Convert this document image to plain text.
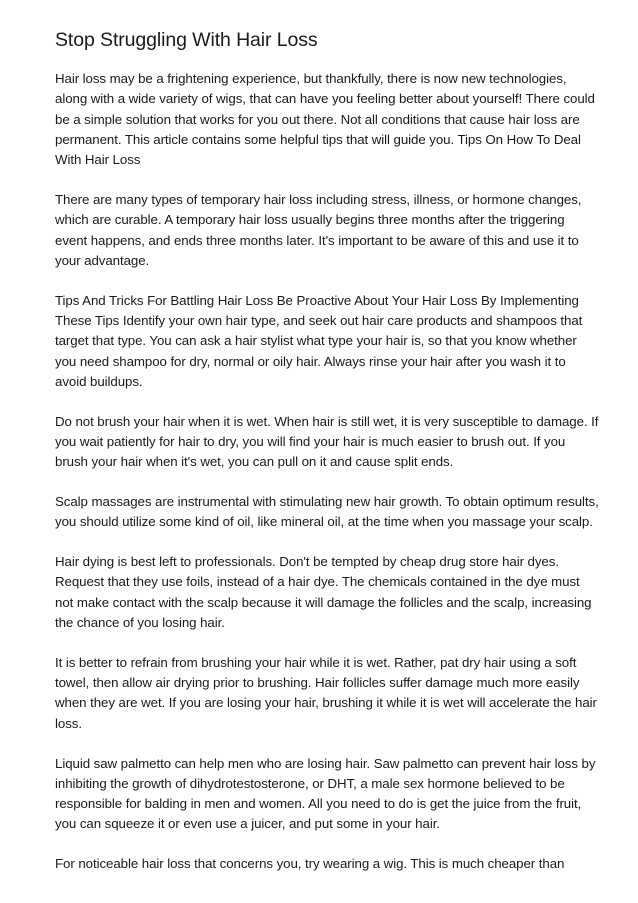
Stop Struggling With Hair Loss

Hair loss may be a frightening experience, but thankfully, there is now new technologies, along with a wide variety of wigs, that can have you feeling better about yourself! There could be a simple solution that works for you out there. Not all conditions that cause hair loss are permanent. This article contains some helpful tips that will guide you. Tips On How To Deal With Hair Loss

There are many types of temporary hair loss including stress, illness, or hormone changes, which are curable. A temporary hair loss usually begins three months after the triggering event happens, and ends three months later. It's important to be aware of this and use it to your advantage.

Tips And Tricks For Battling Hair Loss Be Proactive About Your Hair Loss By Implementing These Tips Identify your own hair type, and seek out hair care products and shampoos that target that type. You can ask a hair stylist what type your hair is, so that you know whether you need shampoo for dry, normal or oily hair. Always rinse your hair after you wash it to avoid buildups.

Do not brush your hair when it is wet. When hair is still wet, it is very susceptible to damage. If you wait patiently for hair to dry, you will find your hair is much easier to brush out. If you brush your hair when it's wet, you can pull on it and cause split ends.

Scalp massages are instrumental with stimulating new hair growth. To obtain optimum results, you should utilize some kind of oil, like mineral oil, at the time when you massage your scalp.

Hair dying is best left to professionals. Don't be tempted by cheap drug store hair dyes. Request that they use foils, instead of a hair dye. The chemicals contained in the dye must not make contact with the scalp because it will damage the follicles and the scalp, increasing the chance of you losing hair.

It is better to refrain from brushing your hair while it is wet. Rather, pat dry hair using a soft towel, then allow air drying prior to brushing. Hair follicles suffer damage much more easily when they are wet. If you are losing your hair, brushing it while it is wet will accelerate the hair loss.

Liquid saw palmetto can help men who are losing hair. Saw palmetto can prevent hair loss by inhibiting the growth of dihydrotestosterone, or DHT, a male sex hormone believed to be responsible for balding in men and women. All you need to do is get the juice from the fruit, you can squeeze it or even use a juicer, and put some in your hair.

For noticeable hair loss that concerns you, try wearing a wig. This is much cheaper than
